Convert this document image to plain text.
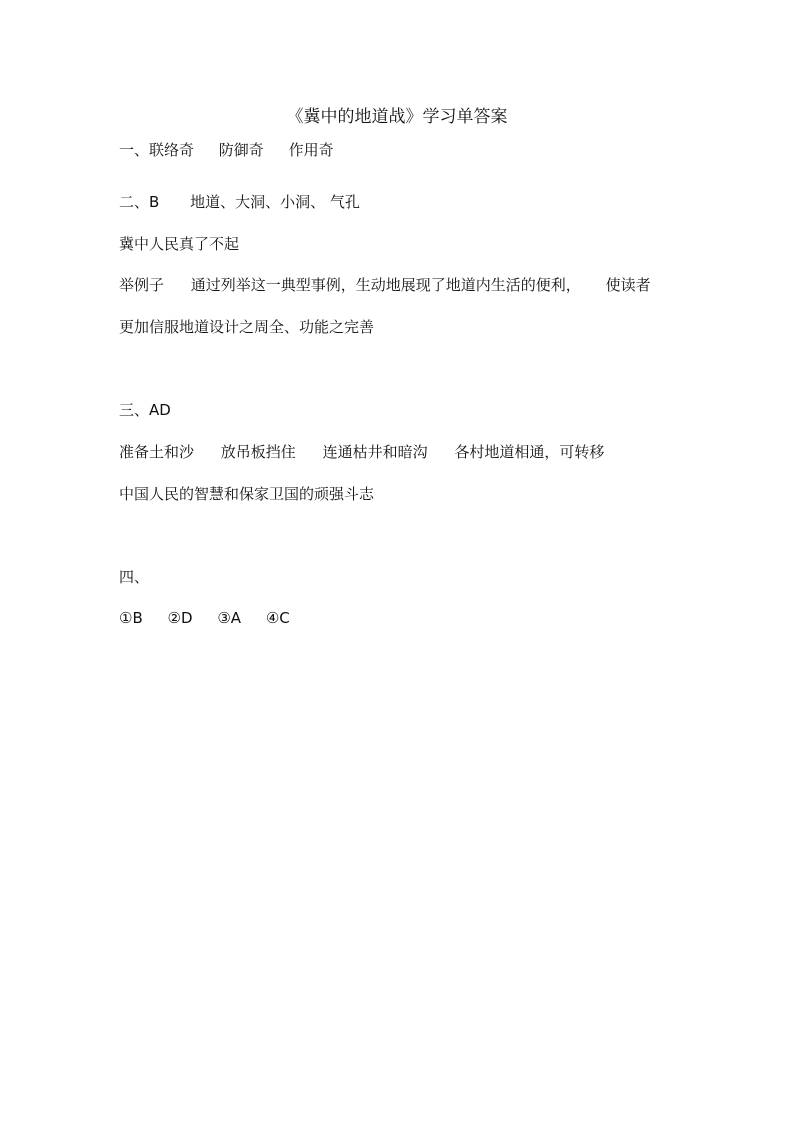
《冀中的地道战》学习单答案
一、联络奇 防御奇 作用奇
二、B 地道、大洞、小洞、 气孔
冀中人民真了不起
举例子 通过列举这一典型事例，生动地展现了地道内生活的便利， 使读者
更加信服地道设计之周全、功能之完善
三、AD
准备土和沙 放吊板挡住 连通枯井和暗沟 各村地道相通，可转移
中国人民的智慧和保家卫国的顽强斗志
四、
①B ②D ③A ④C
